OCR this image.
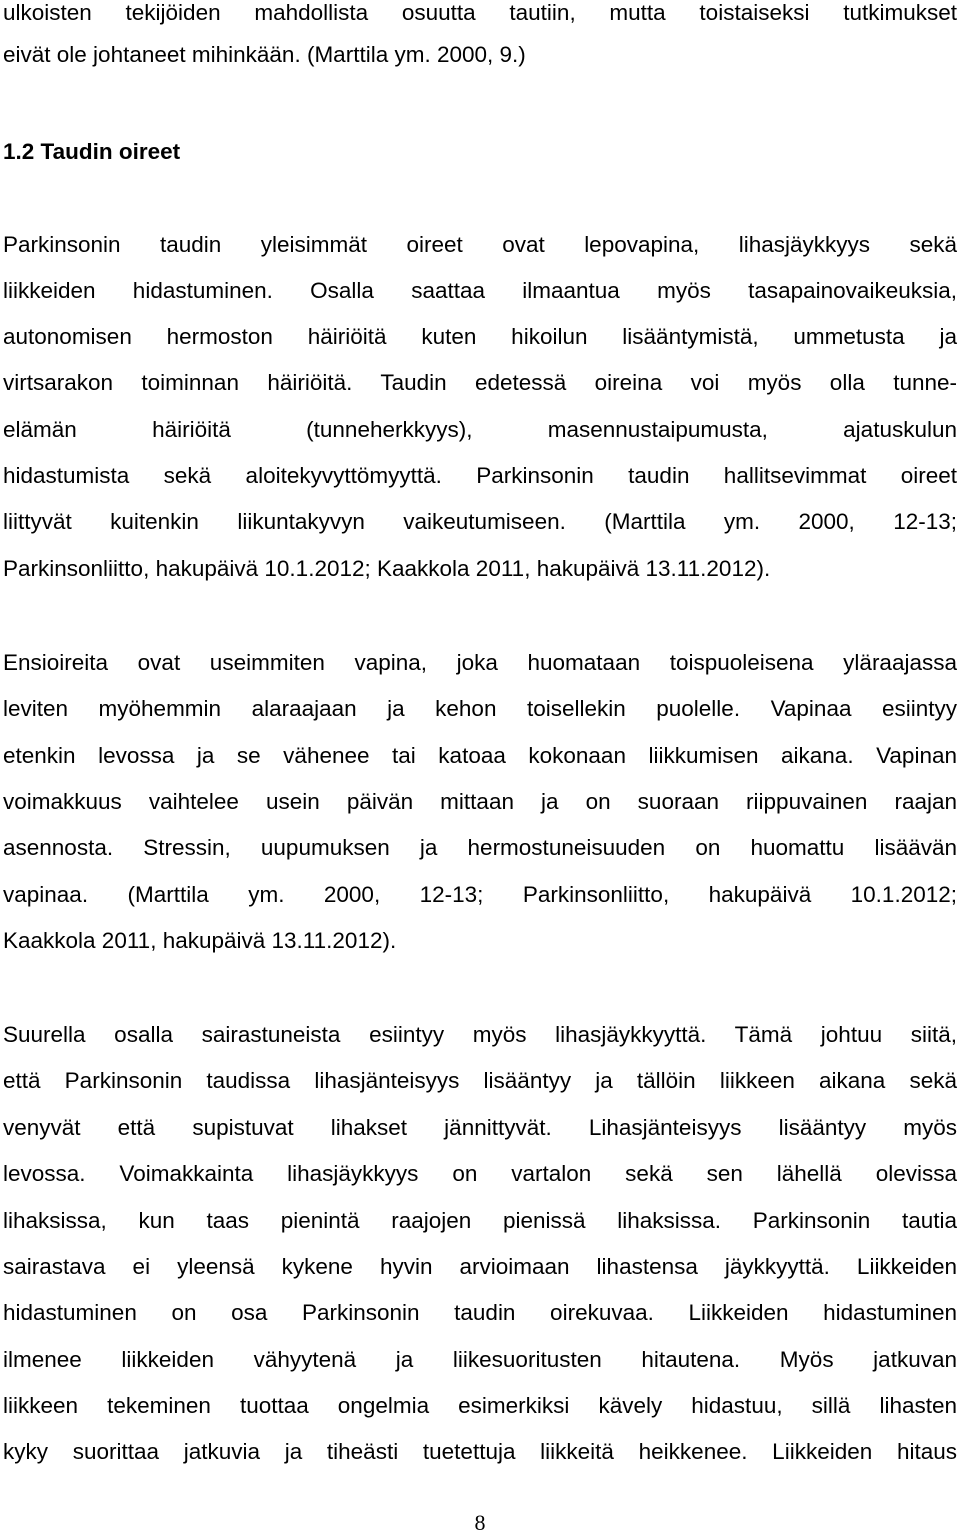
ulkoisten tekijöiden mahdollista osuutta tautiin, mutta toistaiseksi tutkimukset
eivät ole johtaneet mihinkään. (Marttila ym. 2000, 9.)
1.2 Taudin oireet
Parkinsonin taudin yleisimmät oireet ovat lepovapina, lihasjäykkyys sekä
liikkeiden hidastuminen. Osalla saattaa ilmaantua myös tasapainovaikeuksia,
autonomisen hermoston häiriöitä kuten hikoilun lisääntymistä, ummetusta ja
virtsarakon toiminnan häiriöitä. Taudin edetessä oireina voi myös olla tunne-
elämän häiriöitä (tunneherkkyys), masennustaipumusta, ajatuskulun
hidastumista sekä aloitekyvyttömyyttä. Parkinsonin taudin hallitsevimmat oireet
liittyvät kuitenkin liikuntakyvyn vaikeutumiseen. (Marttila ym. 2000, 12-13;
Parkinsonliitto, hakupäivä 10.1.2012; Kaakkola 2011, hakupäivä 13.11.2012).
Ensioireita ovat useimmiten vapina, joka huomataan toispuoleisena yläraajassa
leviten myöhemmin alaraajaan ja kehon toisellekin puolelle. Vapinaa esiintyy
etenkin levossa ja se vähenee tai katoaa kokonaan liikkumisen aikana. Vapinan
voimakkuus vaihtelee usein päivän mittaan ja on suoraan riippuvainen raajan
asennosta. Stressin, uupumuksen ja hermostuneisuuden on huomattu lisäävän
vapinaa. (Marttila ym. 2000, 12-13; Parkinsonliitto, hakupäivä 10.1.2012;
Kaakkola 2011, hakupäivä 13.11.2012).
Suurella osalla sairastuneista esiintyy myös lihasjäykkyyttä. Tämä johtuu siitä,
että Parkinsonin taudissa lihasjänteisyys lisääntyy ja tällöin liikkeen aikana sekä
venyvät että supistuvat lihakset jännittyvät. Lihasjänteisyys lisääntyy myös
levossa. Voimakkainta lihasjäykkyys on vartalon sekä sen lähellä olevissa
lihaksissa, kun taas pienintä raajojen pienissä lihaksissa. Parkinsonin tautia
sairastava ei yleensä kykene hyvin arvioimaan lihastensa jäykkyyttä. Liikkeiden
hidastuminen on osa Parkinsonin taudin oirekuvaa. Liikkeiden hidastuminen
ilmenee liikkeiden vähyytenä ja liikesuoritusten hitautena. Myös jatkuvan
liikkeen tekeminen tuottaa ongelmia esimerkiksi kävely hidastuu, sillä lihasten
kyky suorittaa jatkuvia ja tiheästi tuetettuja liikkeitä heikkenee. Liikkeiden hitaus
8
